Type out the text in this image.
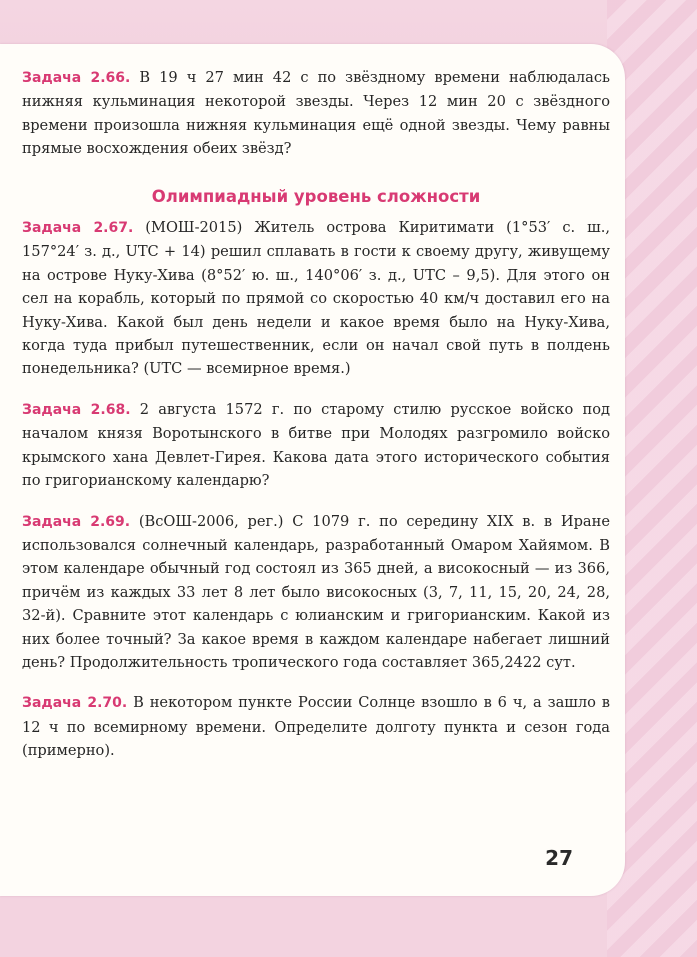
Задача 2.66. В 19 ч 27 мин 42 с по звёздному времени наблюдалась нижняя кульминация некоторой звезды. Через 12 мин 20 с звёздного времени произошла нижняя кульминация ещё одной звезды. Чему равны прямые восхождения обеих звёзд?

Олимпиадный уровень сложности

Задача 2.67. (МОШ-2015) Житель острова Киритимати (1°53′ с. ш., 157°24′ з. д., UTC + 14) решил сплавать в гости к своему другу, живущему на острове Нуку-Хива (8°52′ ю. ш., 140°06′ з. д., UTC – 9,5). Для этого он сел на корабль, который по прямой со скоростью 40 км/ч доставил его на Нуку-Хива. Какой был день недели и какое время было на Нуку-Хива, когда туда прибыл путешественник, если он начал свой путь в полдень понедельника? (UTC — всемирное время.)

Задача 2.68. 2 августа 1572 г. по старому стилю русское войско под началом князя Воротынского в битве при Молодях разгромило войско крымского хана Девлет-Гирея. Какова дата этого исторического события по григорианскому календарю?

Задача 2.69. (ВсОШ-2006, рег.) С 1079 г. по середину XIX в. в Иране использовался солнечный календарь, разработанный Омаром Хайямом. В этом календаре обычный год состоял из 365 дней, а високосный — из 366, причём из каждых 33 лет 8 лет было високосных (3, 7, 11, 15, 20, 24, 28, 32-й). Сравните этот календарь с юлианским и григорианским. Какой из них более точный? За какое время в каждом календаре набегает лишний день? Продолжительность тропического года составляет 365,2422 сут.

Задача 2.70. В некотором пункте России Солнце взошло в 6 ч, а зашло в 12 ч по всемирному времени. Определите долготу пункта и сезон года (примерно).

27
